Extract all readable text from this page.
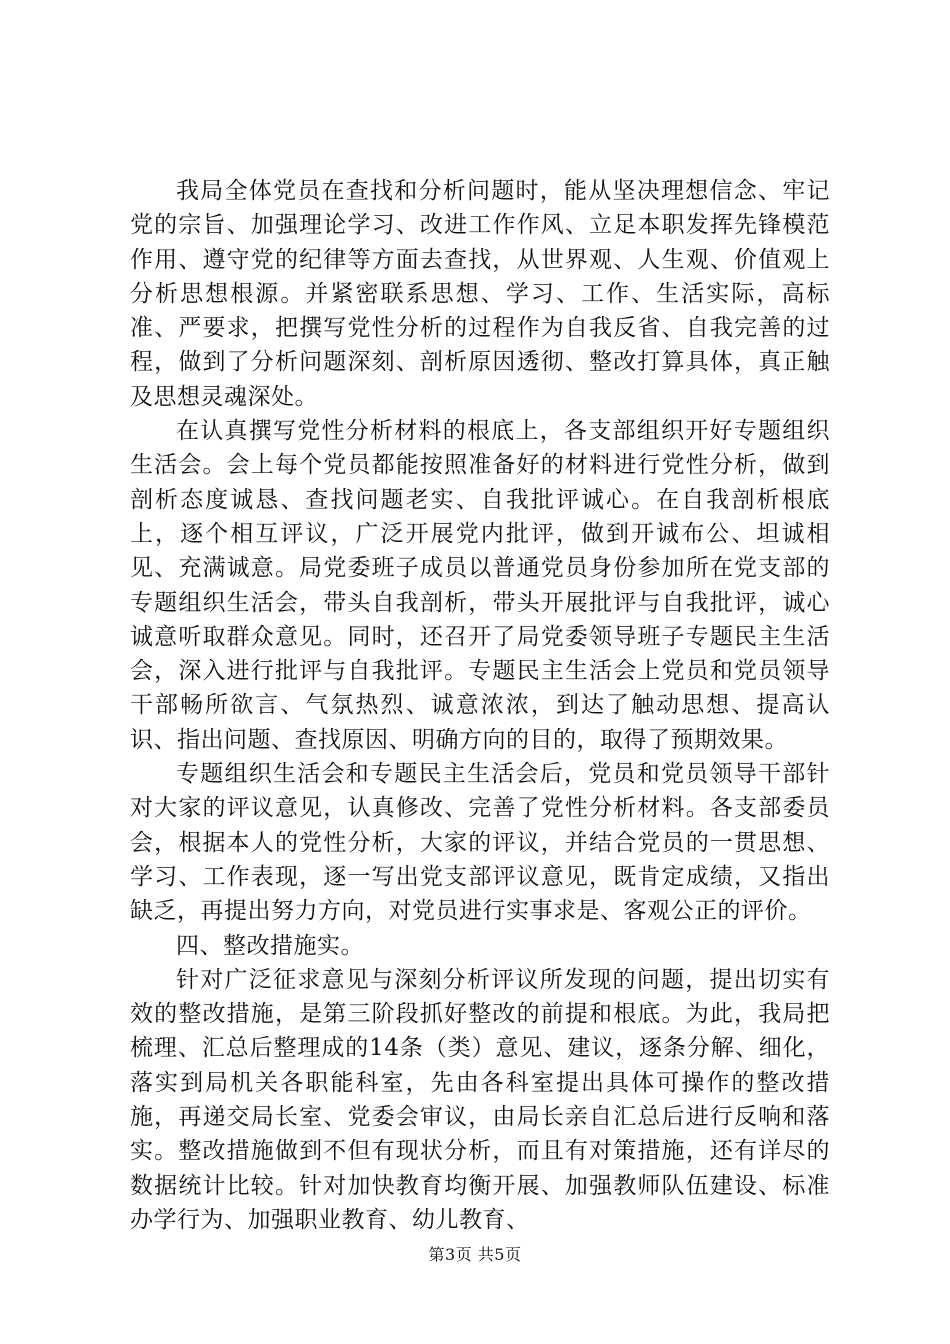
我局全体党员在查找和分析问题时，能从坚决理想信念、牢记党的宗旨、加强理论学习、改进工作作风、立足本职发挥先锋模范作用、遵守党的纪律等方面去查找，从世界观、人生观、价值观上分析思想根源。并紧密联系思想、学习、工作、生活实际，高标准、严要求，把撰写党性分析的过程作为自我反省、自我完善的过程，做到了分析问题深刻、剖析原因透彻、整改打算具体，真正触及思想灵魂深处。

在认真撰写党性分析材料的根底上，各支部组织开好专题组织生活会。会上每个党员都能按照准备好的材料进行党性分析，做到剖析态度诚恳、查找问题老实、自我批评诚心。在自我剖析根底上，逐个相互评议，广泛开展党内批评，做到开诚布公、坦诚相见、充满诚意。局党委班子成员以普通党员身份参加所在党支部的专题组织生活会，带头自我剖析，带头开展批评与自我批评，诚心诚意听取群众意见。同时，还召开了局党委领导班子专题民主生活会，深入进行批评与自我批评。专题民主生活会上党员和党员领导干部畅所欲言、气氛热烈、诚意浓浓，到达了触动思想、提高认识、指出问题、查找原因、明确方向的目的，取得了预期效果。

专题组织生活会和专题民主生活会后，党员和党员领导干部针对大家的评议意见，认真修改、完善了党性分析材料。各支部委员会，根据本人的党性分析，大家的评议，并结合党员的一贯思想、学习、工作表现，逐一写出党支部评议意见，既肯定成绩，又指出缺乏，再提出努力方向，对党员进行实事求是、客观公正的评价。

四、整改措施实。

针对广泛征求意见与深刻分析评议所发现的问题，提出切实有效的整改措施，是第三阶段抓好整改的前提和根底。为此，我局把梳理、汇总后整理成的14条（类）意见、建议，逐条分解、细化，落实到局机关各职能科室，先由各科室提出具体可操作的整改措施，再递交局长室、党委会审议，由局长亲自汇总后进行反响和落实。整改措施做到不但有现状分析，而且有对策措施，还有详尽的数据统计比较。针对加快教育均衡开展、加强教师队伍建设、标准办学行为、加强职业教育、幼儿教育、

第3页 共5页
